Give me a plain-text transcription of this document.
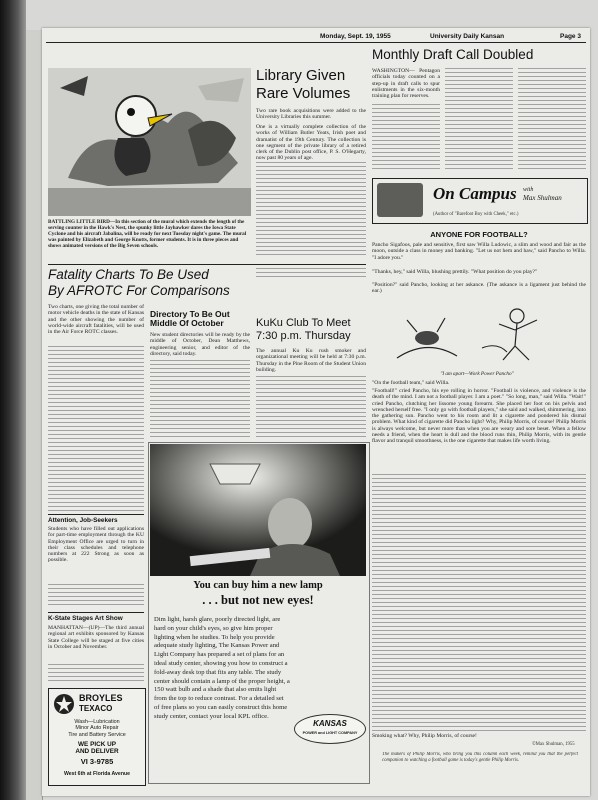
Monday, Sept. 19, 1955	University Daily Kansan	Page 3
BATTLING LITTLE BIRD—In this section of the mural which extends the length of the serving counter in the Hawk's Nest, the spunky little Jayhawker dares the Iowa State Cyclone and his aircraft Jabalina, will be ready for next Tuesday night's game. The mural was painted by Elizabeth and George Knotts, former students. It is in three pieces and shows animated versions of the Big Seven schools.
Library Given
Rare Volumes
Two rare book acquisitions were added to the University Libraries this summer.
One is a virtually complete collection of the works of William Butler Yeats, Irish poet and dramatist of the 19th Century. The collection is one segment of the private library of a retired clerk of the Dublin post office, P. S. O'Hegarty, now past 80 years of age.
Monthly Draft Call Doubled
WASHINGTON— Pentagon officials today counted on a step-up in draft calls to spur enlistments in the six-month training plan for reserves.
On Campus with
Max Shulman
(Author of "Barefoot Boy with Cheek," etc.)
ANYONE FOR FOOTBALL?
Pancho Sigafoos, pale and sensitive, first saw Willa Ludowic, a slim and wood and fair as the moon, outside a class in money and banking. "Let us not hem and haw," said Pancho to Willa. "I adore you."
"Thanks, hey," said Willa, blushing prettily. "What position do you play?"
"Position?" said Pancho, looking at her askance. (The askance is a ligament just behind the ear.)
"I am apart—Work Power Pancho"
"On the football team," said Willa.
"Football!" cried Pancho, his eye rolling in horror. "Football is violence, and violence is the death of the mind. I am not a football player. I am a poet." "So long, man," said Willa. "Wait!" cried Pancho, clutching her lissome young forearm. She placed her foot on his pelvis and wrenched herself free. "I only go with football players," she said and walked, shimmering, into the gathering sun. Pancho went to his room and lit a cigarette and pondered his dismal problem. What kind of cigarette did Pancho light? Why, Philip Morris, of course! Philip Morris is always welcome, but never more than when you are weary and sore beset. When a fellow needs a friend, when the heart is dull and the blood runs thin, Philip Morris, with its gentle flavor and tranquil smoothness, is the one cigarette that makes life worth living.
Smoking what? Why, Philip Morris, of course!
©Max Shulman, 1955
The makers of Philip Morris, who bring you this column each week, remind you that the perfect companion to watching a football game is today's gentle Philip Morris.
Fatality Charts To Be Used
By AFROTC For Comparisons
Two charts, one giving the total number of motor vehicle deaths in the state of Kansas and the other showing the number of world-wide aircraft fatalities, will be used in the Air Force ROTC classes.
Directory To Be Out Middle Of October
New student directories will be ready by the middle of October, Dean Matthews, engineering senior, and editor of the directory, said today.
KuKu Club To Meet
7:30 p.m. Thursday
The annual Ku Ku rush smoker and organizational meeting will be held at 7:30 p.m. Thursday in the Pine Room of the Student Union building.
You can buy him a new lamp
. . . but not new eyes!
Dim light, harsh glare, poorly directed light, are hard on your child's eyes, so give him proper lighting when he studies. To help you provide adequate study lighting, The Kansas Power and Light Company has prepared a set of plans for an ideal study center, showing you how to construct a fold-away desk top that fits any table. The study center should contain a lamp of the proper height, a 150 watt bulb and a shade that also emits light from the top to reduce contrast. For a detailed set of free plans so you can easily construct this home study center, contact your local KPL office.
KANSAS
POWER and LIGHT COMPANY
Attention, Job-Seekers
Students who have filled out applications for part-time employment through the KU Employment Office are urged to turn in their class schedules and telephone numbers at 222 Strong as soon as possible.
K-State Stages Art Show
MANHATTAN—(UP)—The third annual regional art exhibits sponsored by Kansas State College will be staged at five cities in October and November.
BROYLES
TEXACO
Wash—Lubrication
Minor Auto Repair
Tire and Battery Service
WE PICK UP
AND DELIVER
VI 3-9785
West 6th at Florida Avenue
